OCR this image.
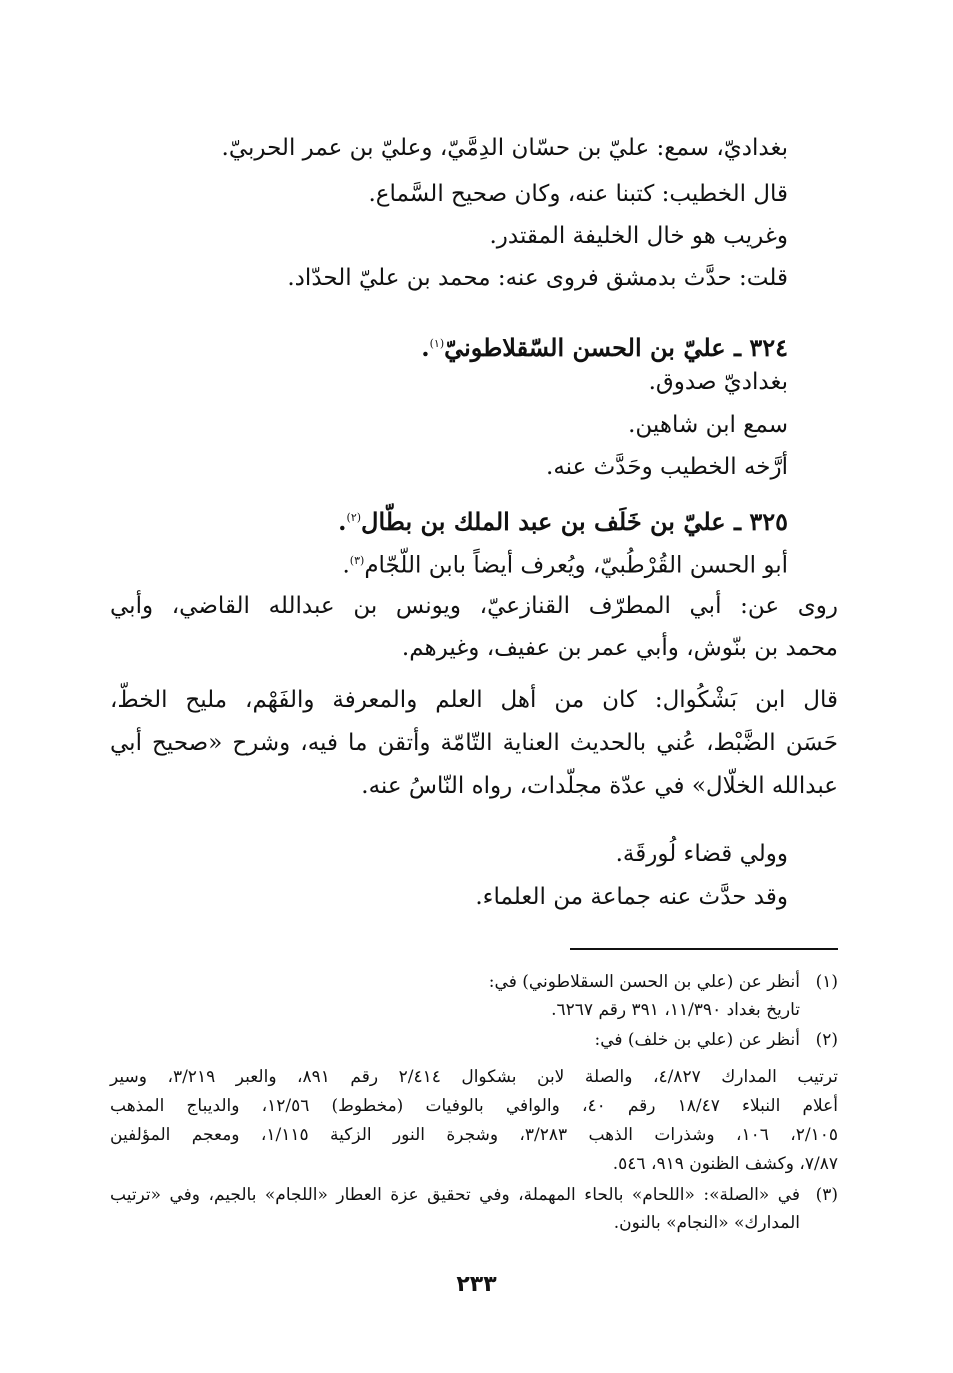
بغداديّ، سمع: عليّ بن حسّان الدِمَّيّ، وعليّ بن عمر الحربيّ.
قال الخطيب: كتبنا عنه، وكان صحيح السَّماع.
وغريب هو خال الخليفة المقتدر.
قلت: حدَّث بدمشق فروى عنه: محمد بن عليّ الحدّاد.
٣٢٤ ـ عليّ بن الحسن السّقلاطونيّ$^{(١)}$.
بغداديّ صدوق.
سمع ابن شاهين.
أرَّخه الخطيب وحَدَّث عنه.
٣٢٥ ـ عليّ بن خَلَف بن عبد الملك بن بطّال$^{(٢)}$.
أبو الحسن القُرْطُبيّ، ويُعرف أيضاً بابن اللّجّام$^{(٣)}$.
روى عن: أبي المطرّف القنازعيّ، ويونس بن عبدالله القاضي، وأبي
محمد بن بنّوش، وأبي عمر بن عفيف، وغيرهم.
قال ابن بَشْكُوال: كان من أهل العلم والمعرفة والفَهْم، مليح الخطّ،
حَسَن الضَّبْط، عُني بالحديث العناية التّامّة وأتقن ما فيه، وشرح «صحيح أبي
عبدالله الخلّال» في عدّة مجلّدات، رواه النّاسُ عنه.
وولي قضاء لُورقَة.
وقد حدَّث عنه جماعة من العلماء.
(١)
أنظر عن (علي بن الحسن السقلاطوني) في:
تاريخ بغداد ١١/٣٩٠، ٣٩١ رقم ٦٢٦٧.
(٢)
أنظر عن (علي بن خلف) في:
ترتيب المدارك ٤/٨٢٧، والصلة لابن بشكوال ٢/٤١٤ رقم ٨٩١، والعبر ٣/٢١٩، وسير
أعلام النبلاء ١٨/٤٧ رقم ٤٠، والوافي بالوفيات (مخطوط) ١٢/٥٦، والديباج المذهب
٢/١٠٥، ١٠٦، وشذرات الذهب ٣/٢٨٣، وشجرة النور الزكية ١/١١٥، ومعجم المؤلفين
٧/٨٧، وكشف الظنون ٩١٩، ٥٤٦.
(٣)
في «الصلة»: «اللحام» بالحاء المهملة، وفي تحقيق عزة العطار «اللجام» بالجيم، وفي «ترتيب
المدارك» «النجام» بالنون.
٢٣٣
